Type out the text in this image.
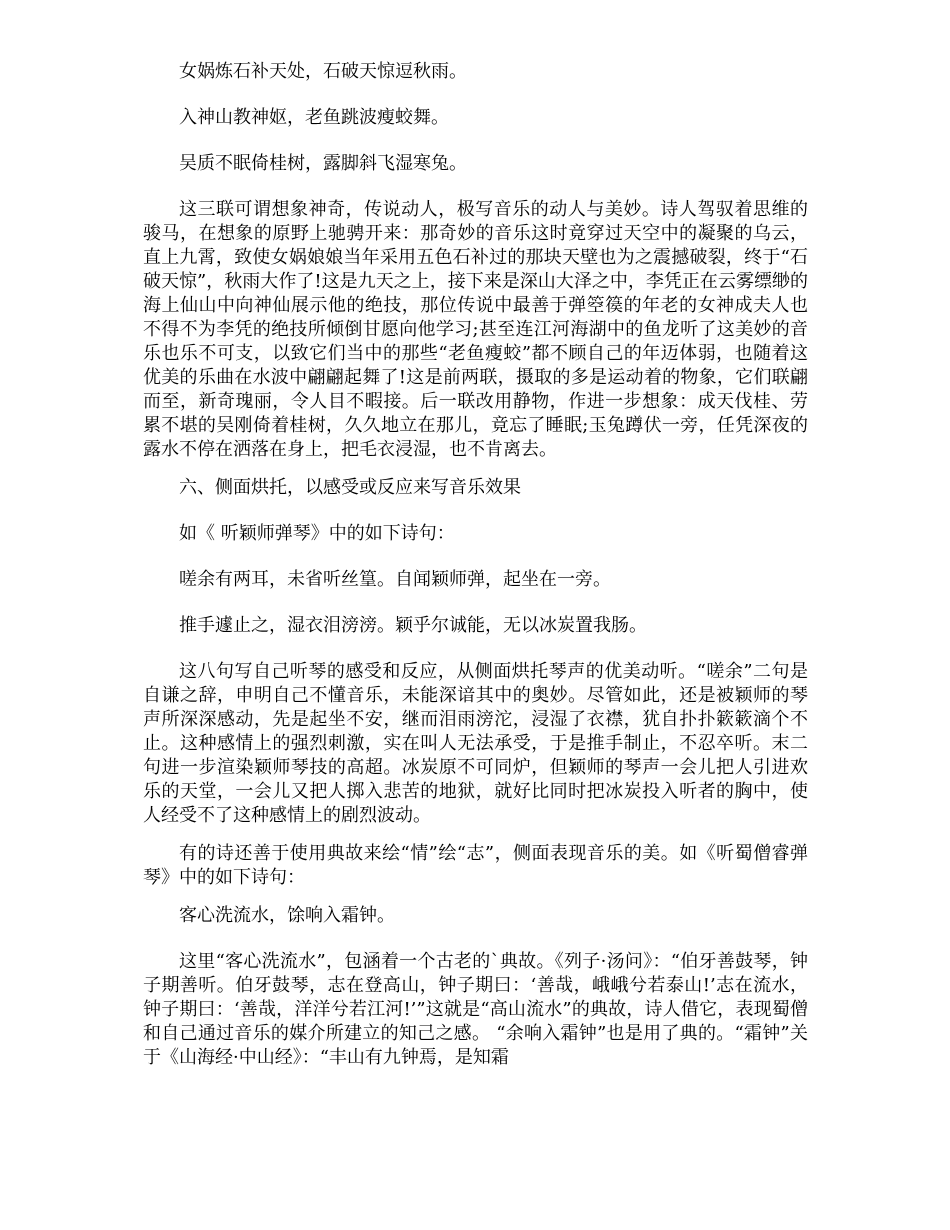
女娲炼石补天处，石破天惊逗秋雨。

入神山教神妪，老鱼跳波瘦蛟舞。

吴质不眠倚桂树，露脚斜飞湿寒兔。

这三联可谓想象神奇，传说动人，极写音乐的动人与美妙。诗人驾驭着思维的骏马，在想象的原野上驰骋开来：那奇妙的音乐这时竟穿过天空中的凝聚的乌云，直上九霄，致使女娲娘娘当年采用五色石补过的那块天壁也为之震撼破裂，终于“石破天惊”，秋雨大作了!这是九天之上，接下来是深山大泽之中，李凭正在云雾缥缈的海上仙山中向神仙展示他的绝技，那位传说中最善于弹箜篌的年老的女神成夫人也不得不为李凭的绝技所倾倒甘愿向他学习;甚至连江河海湖中的鱼龙听了这美妙的音乐也乐不可支，以致它们当中的那些“老鱼瘦蛟”都不顾自己的年迈体弱，也随着这优美的乐曲在水波中翩翩起舞了!这是前两联，摄取的多是运动着的物象，它们联翩而至，新奇瑰丽，令人目不暇接。后一联改用静物，作进一步想象：成天伐桂、劳累不堪的吴刚倚着桂树，久久地立在那儿，竟忘了睡眠;玉兔蹲伏一旁，任凭深夜的露水不停在洒落在身上，把毛衣浸湿，也不肯离去。

六、侧面烘托，以感受或反应来写音乐效果

如《 听颖师弹琴》中的如下诗句：

嗟余有两耳，未省听丝篁。自闻颖师弹，起坐在一旁。

推手遽止之，湿衣泪滂滂。颖乎尔诚能，无以冰炭置我肠。

这八句写自己听琴的感受和反应，从侧面烘托琴声的优美动听。“嗟余”二句是自谦之辞，申明自己不懂音乐，未能深谙其中的奥妙。尽管如此，还是被颖师的琴声所深深感动，先是起坐不安，继而泪雨滂沱，浸湿了衣襟，犹自扑扑簌簌滴个不止。这种感情上的强烈刺激，实在叫人无法承受，于是推手制止，不忍卒听。末二句进一步渲染颖师琴技的高超。冰炭原不可同炉，但颖师的琴声一会儿把人引进欢乐的天堂，一会儿又把人掷入悲苦的地狱，就好比同时把冰炭投入听者的胸中，使人经受不了这种感情上的剧烈波动。

有的诗还善于使用典故来绘“情”绘“志”，侧面表现音乐的美。如《听蜀僧睿弹琴》中的如下诗句：

客心洗流水，馀响入霜钟。

这里“客心洗流水”，包涵着一个古老的`典故。《列子·汤问》：“伯牙善鼓琴，钟子期善听。伯牙鼓琴，志在登高山，钟子期曰：‘善哉，峨峨兮若泰山!’志在流水，钟子期曰：‘善哉，洋洋兮若江河!’”这就是“高山流水”的典故，诗人借它，表现蜀僧和自己通过音乐的媒介所建立的知己之感。 “余响入霜钟”也是用了典的。“霜钟”关于《山海经·中山经》：“丰山有九钟焉，是知霜
